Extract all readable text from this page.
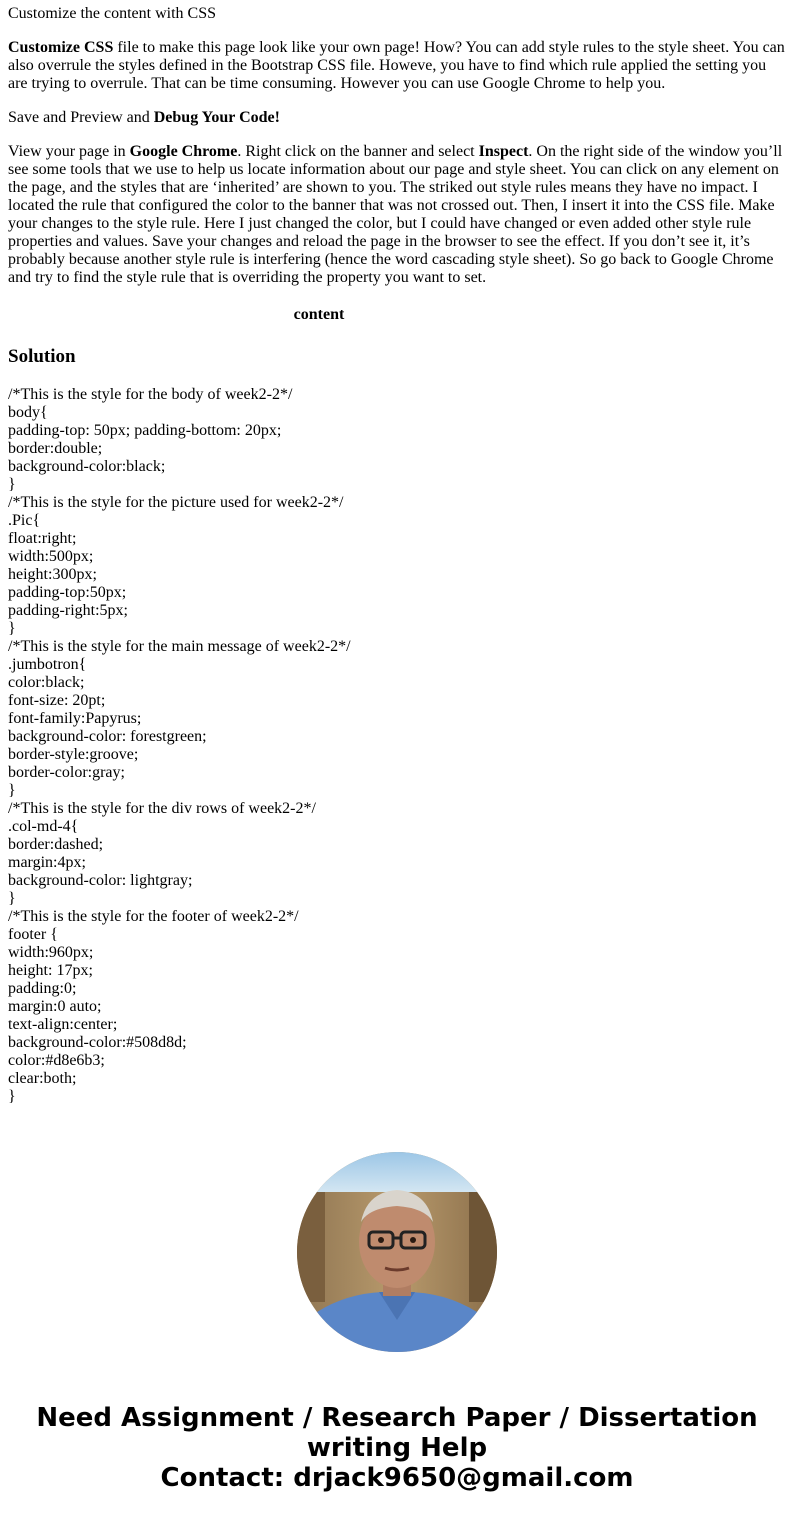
Customize the content with CSS

Customize CSS file to make this page look like your own page! How? You can add style rules to the style sheet. You can also overrule the styles defined in the Bootstrap CSS file. Howeve, you have to find which rule applied the setting you are trying to overrule. That can be time consuming. However you can use Google Chrome to help you.

Save and Preview and Debug Your Code!

View your page in Google Chrome. Right click on the banner and select Inspect. On the right side of the window you’ll see some tools that we use to help us locate information about our page and style sheet. You can click on any element on the page, and the styles that are ‘inherited’ are shown to you. The striked out style rules means they have no impact. I located the rule that configured the color to the banner that was not crossed out. Then, I insert it into the CSS file. Make your changes to the style rule. Here I just changed the color, but I could have changed or even added other style rule properties and values. Save your changes and reload the page in the browser to see the effect. If you don’t see it, it’s probably because another style rule is interfering (hence the word cascading style sheet). So go back to Google Chrome and try to find the style rule that is overriding the property you want to set.

content
Solution
/*This is the style for the body of week2-2*/
body{
padding-top: 50px; padding-bottom: 20px;
border:double;
background-color:black;
}
/*This is the style for the picture used for week2-2*/
.Pic{
float:right;
width:500px;
height:300px;
padding-top:50px;
padding-right:5px;
}
/*This is the style for the main message of week2-2*/
.jumbotron{
color:black;
font-size: 20pt;
font-family:Papyrus;
background-color: forestgreen;
border-style:groove;
border-color:gray;
}
/*This is the style for the div rows of week2-2*/
.col-md-4{
border:dashed;
margin:4px;
background-color: lightgray;
}
/*This is the style for the footer of week2-2*/
footer {
width:960px;
height: 17px;
padding:0;
margin:0 auto;
text-align:center;
background-color:#508d8d;
color:#d8e6b3;
clear:both;
}
Need Assignment / Research Paper / Dissertation
writing Help
Contact: drjack9650@gmail.com
